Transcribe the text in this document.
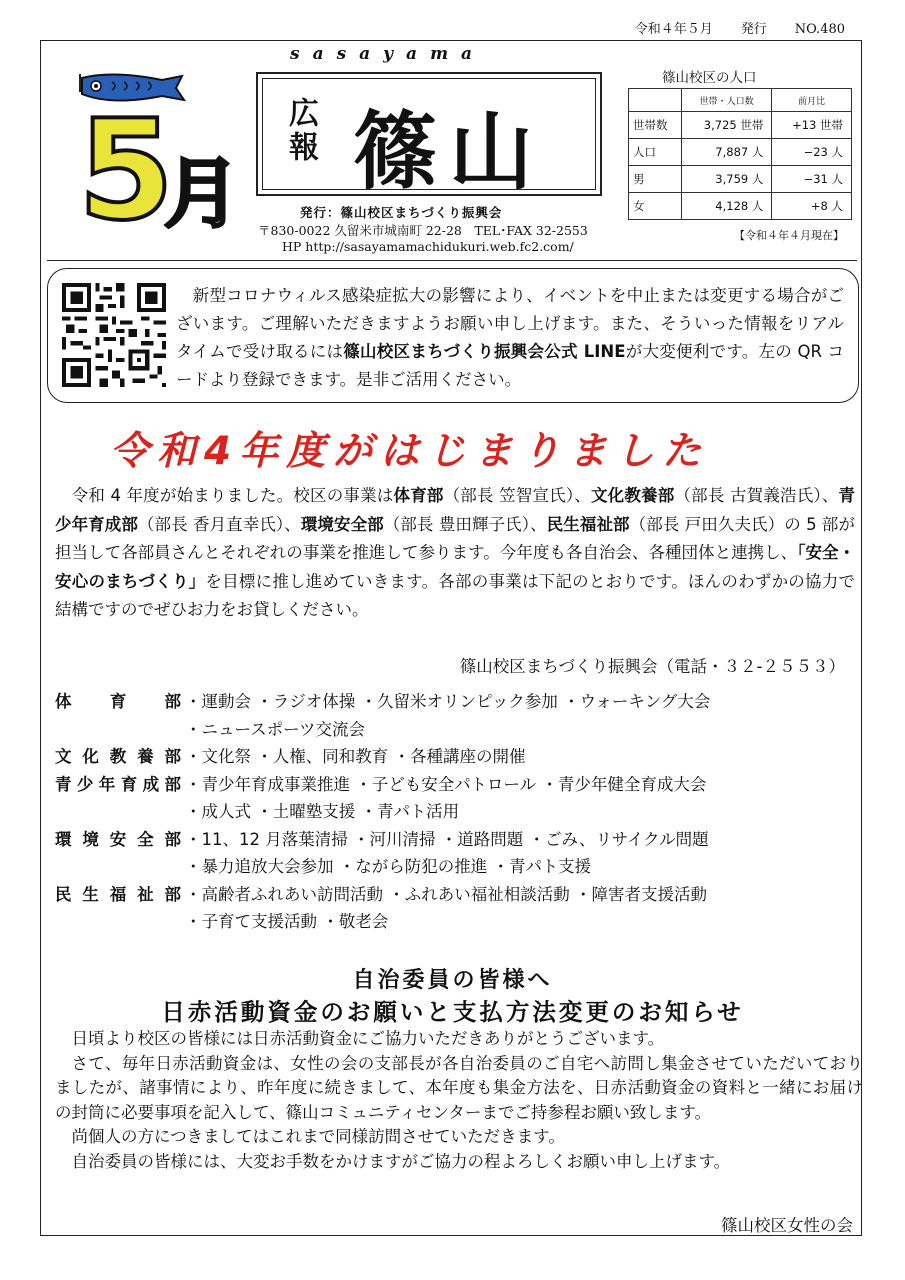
令和４年５月 発行 NO.480
5
月
sasayama
広報 篠山
発行：篠山校区まちづくり振興会
〒830-0022 久留米市城南町 22-28　TEL･FAX 32-2553
HP http://sasayamamachidukuri.web.fc2.com/
篠山校区の人口
	世帯・人口数	前月比
世帯数	3,725 世帯	+13 世帯
人口	7,887 人	−23 人
男	3,759 人	−31 人
女	4,128 人	+8 人
【令和４年４月現在】
　新型コロナウィルス感染症拡大の影響により、イベントを中止または変更する場合がございます。ご理解いただきますようお願い申し上げます。また、そういった情報をリアルタイムで受け取るには篠山校区まちづくり振興会公式 LINEが大変便利です。左の QR コードより登録できます。是非ご活用ください。
令和4年度がはじまりました
　令和 4 年度が始まりました。校区の事業は体育部（部長 笠智宣氏）、文化教養部（部長 古賀義浩氏）、青少年育成部（部長 香月直幸氏）、環境安全部（部長 豊田輝子氏）、民生福祉部（部長 戸田久夫氏）の 5 部が担当して各部員さんとそれぞれの事業を推進して参ります。今年度も各自治会、各種団体と連携し、「安全・安心のまちづくり」を目標に推し進めていきます。各部の事業は下記のとおりです。ほんのわずかの協力で結構ですのでぜひお力をお貸しください。
篠山校区まちづくり振興会（電話・３２-２５５３）
体育部 ・運動会 ・ラジオ体操 ・久留米オリンピック参加 ・ウォーキング大会
・ニュースポーツ交流会
文化教養部 ・文化祭 ・人権、同和教育 ・各種講座の開催
青少年育成部 ・青少年育成事業推進 ・子ども安全パトロール ・青少年健全育成大会
・成人式 ・土曜塾支援 ・青パト活用
環境安全部 ・11、12 月落葉清掃 ・河川清掃 ・道路問題 ・ごみ、リサイクル問題
・暴力追放大会参加 ・ながら防犯の推進 ・青パト支援
民生福祉部 ・高齢者ふれあい訪問活動 ・ふれあい福祉相談活動 ・障害者支援活動
・子育て支援活動 ・敬老会
自治委員の皆様へ
日赤活動資金のお願いと支払方法変更のお知らせ

日頃より校区の皆様には日赤活動資金にご協力いただきありがとうございます。

さて、毎年日赤活動資金は、女性の会の支部長が各自治委員のご自宅へ訪問し集金させていただいておりましたが、諸事情により、昨年度に続きまして、本年度も集金方法を、日赤活動資金の資料と一緒にお届けの封筒に必要事項を記入して、篠山コミュニティセンターまでご持参程お願い致します。

尚個人の方につきましてはこれまで同様訪問させていただきます。

自治委員の皆様には、大変お手数をかけますがご協力の程よろしくお願い申し上げます。

篠山校区女性の会
